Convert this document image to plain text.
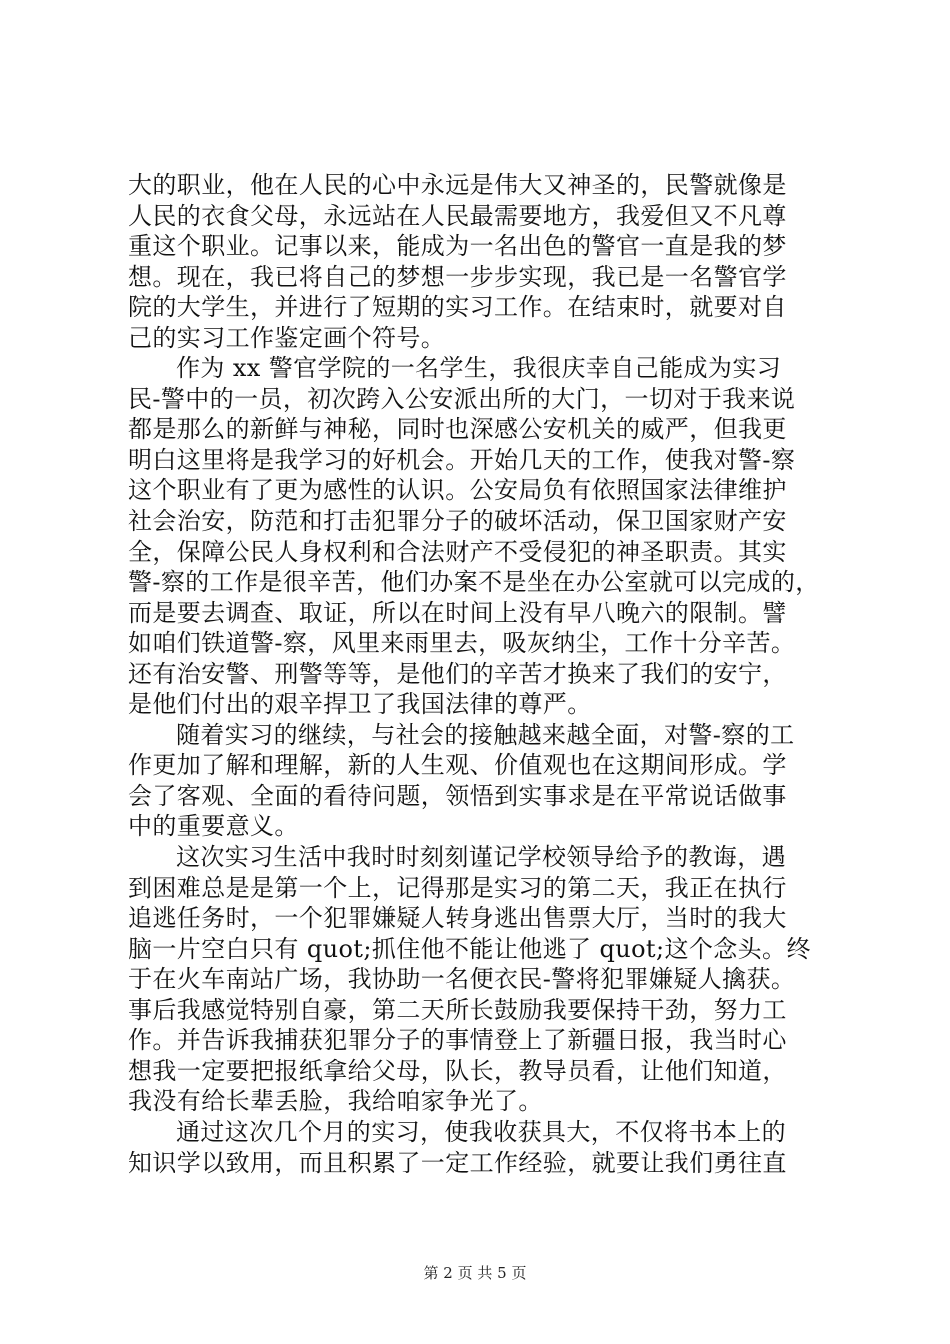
大的职业，他在人民的心中永远是伟大又神圣的，民警就像是
人民的衣食父母，永远站在人民最需要地方，我爱但又不凡尊
重这个职业。记事以来，能成为一名出色的警官一直是我的梦
想。现在，我已将自己的梦想一步步实现，我已是一名警官学
院的大学生，并进行了短期的实习工作。在结束时，就要对自
己的实习工作鉴定画个符号。
作为 xx 警官学院的一名学生，我很庆幸自己能成为实习
民-警中的一员，初次跨入公安派出所的大门，一切对于我来说
都是那么的新鲜与神秘，同时也深感公安机关的威严，但我更
明白这里将是我学习的好机会。开始几天的工作，使我对警-察
这个职业有了更为感性的认识。公安局负有依照国家法律维护
社会治安，防范和打击犯罪分子的破坏活动，保卫国家财产安
全，保障公民人身权利和合法财产不受侵犯的神圣职责。其实
警-察的工作是很辛苦，他们办案不是坐在办公室就可以完成的，
而是要去调查、取证，所以在时间上没有早八晚六的限制。譬
如咱们铁道警-察，风里来雨里去，吸灰纳尘，工作十分辛苦。
还有治安警、刑警等等，是他们的辛苦才换来了我们的安宁，
是他们付出的艰辛捍卫了我国法律的尊严。
随着实习的继续，与社会的接触越来越全面，对警-察的工
作更加了解和理解，新的人生观、价值观也在这期间形成。学
会了客观、全面的看待问题，领悟到实事求是在平常说话做事
中的重要意义。
这次实习生活中我时时刻刻谨记学校领导给予的教诲，遇
到困难总是是第一个上，记得那是实习的第二天，我正在执行
追逃任务时，一个犯罪嫌疑人转身逃出售票大厅，当时的我大
脑一片空白只有 quot;抓住他不能让他逃了 quot;这个念头。终
于在火车南站广场，我协助一名便衣民-警将犯罪嫌疑人擒获。
事后我感觉特别自豪，第二天所长鼓励我要保持干劲，努力工
作。并告诉我捕获犯罪分子的事情登上了新疆日报，我当时心
想我一定要把报纸拿给父母，队长，教导员看，让他们知道，
我没有给长辈丢脸，我给咱家争光了。
通过这次几个月的实习，使我收获具大，不仅将书本上的
知识学以致用，而且积累了一定工作经验，就要让我们勇往直
第 2 页 共 5 页
